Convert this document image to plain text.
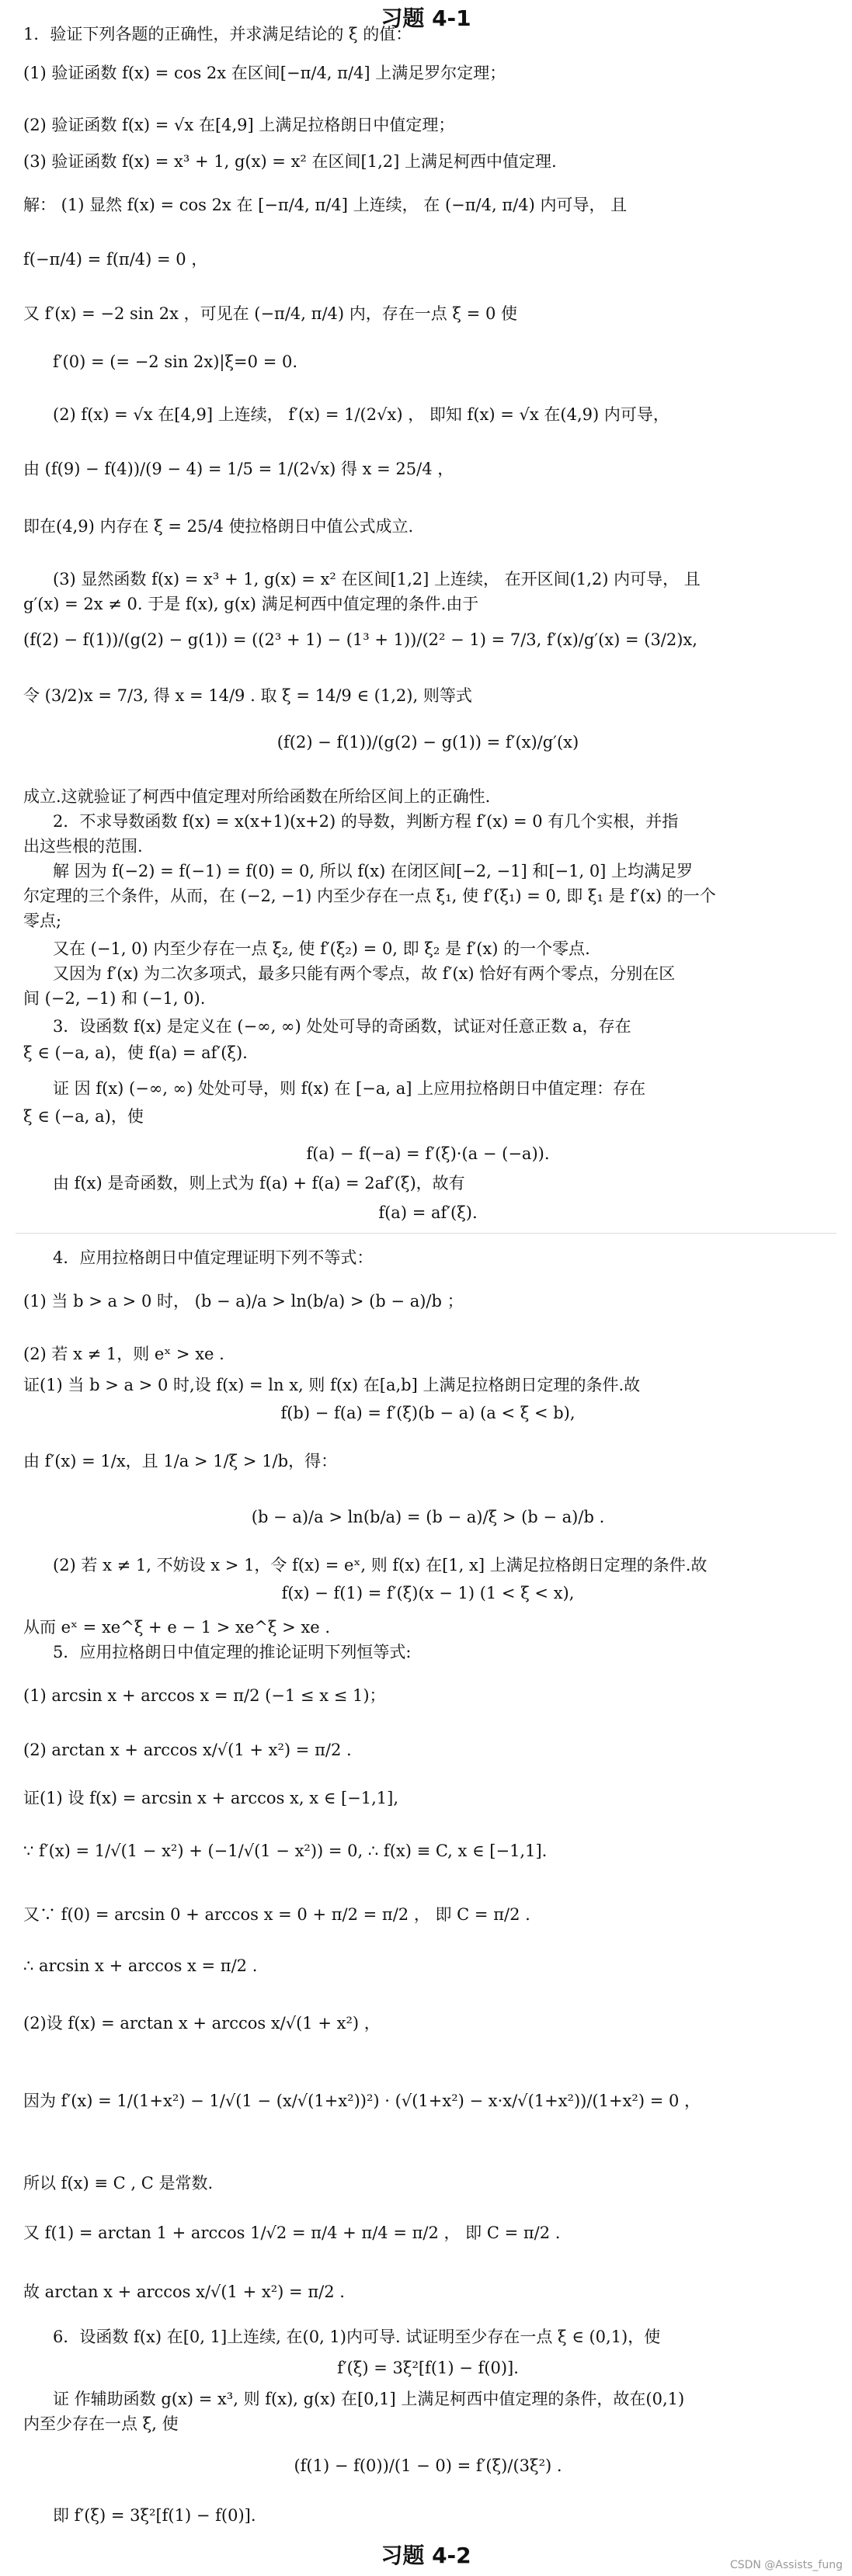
习题 4-1
1．验证下列各题的正确性，并求满足结论的 ξ 的值：
(1) 验证函数 f(x) = cos 2x 在区间[−π/4, π/4] 上满足罗尔定理；
(2) 验证函数 f(x) = √x 在[4,9] 上满足拉格朗日中值定理；
(3) 验证函数 f(x) = x³ + 1, g(x) = x² 在区间[1,2] 上满足柯西中值定理.
解： (1) 显然 f(x) = cos 2x 在 [−π/4, π/4] 上连续， 在 (−π/4, π/4) 内可导， 且
f(−π/4) = f(π/4) = 0 ，
又 f′(x) = −2 sin 2x ，可见在 (−π/4, π/4) 内，存在一点 ξ = 0 使
f′(0) = (= −2 sin 2x)|ξ=0 = 0.
(2) f(x) = √x 在[4,9] 上连续， f′(x) = 1/(2√x) ， 即知 f(x) = √x 在(4,9) 内可导，
由 (f(9) − f(4))/(9 − 4) = 1/5 = 1/(2√x) 得 x = 25/4 ，
即在(4,9) 内存在 ξ = 25/4 使拉格朗日中值公式成立.
(3) 显然函数 f(x) = x³ + 1, g(x) = x² 在区间[1,2] 上连续， 在开区间(1,2) 内可导， 且
g′(x) = 2x ≠ 0. 于是 f(x), g(x) 满足柯西中值定理的条件.由于
(f(2) − f(1))/(g(2) − g(1)) = ((2³ + 1) − (1³ + 1))/(2² − 1) = 7/3, f′(x)/g′(x) = (3/2)x,
令 (3/2)x = 7/3, 得 x = 14/9 . 取 ξ = 14/9 ∈ (1,2), 则等式
(f(2) − f(1))/(g(2) − g(1)) = f′(x)/g′(x)
成立.这就验证了柯西中值定理对所给函数在所给区间上的正确性.
2．不求导数函数 f(x) = x(x+1)(x+2) 的导数，判断方程 f′(x) = 0 有几个实根，并指
出这些根的范围.
解 因为 f(−2) = f(−1) = f(0) = 0, 所以 f(x) 在闭区间[−2, −1] 和[−1, 0] 上均满足罗
尔定理的三个条件，从而，在 (−2, −1) 内至少存在一点 ξ₁, 使 f′(ξ₁) = 0, 即 ξ₁ 是 f′(x) 的一个
零点;
又在 (−1, 0) 内至少存在一点 ξ₂, 使 f′(ξ₂) = 0, 即 ξ₂ 是 f′(x) 的一个零点.
又因为 f′(x) 为二次多项式，最多只能有两个零点，故 f′(x) 恰好有两个零点，分别在区
间 (−2, −1) 和 (−1, 0).
3．设函数 f(x) 是定义在 (−∞, ∞) 处处可导的奇函数，试证对任意正数 a，存在
ξ ∈ (−a, a)，使 f(a) = af′(ξ).
证 因 f(x) (−∞, ∞) 处处可导，则 f(x) 在 [−a, a] 上应用拉格朗日中值定理：存在
ξ ∈ (−a, a)，使
f(a) − f(−a) = f′(ξ)·(a − (−a)).
由 f(x) 是奇函数，则上式为 f(a) + f(a) = 2af′(ξ)，故有
f(a) = af′(ξ).
4．应用拉格朗日中值定理证明下列不等式：
(1) 当 b > a > 0 时， (b − a)/a > ln(b/a) > (b − a)/b ；
(2) 若 x ≠ 1，则 eˣ > xe .
证(1) 当 b > a > 0 时,设 f(x) = ln x, 则 f(x) 在[a,b] 上满足拉格朗日定理的条件.故
f(b) − f(a) = f′(ξ)(b − a) (a < ξ < b),
由 f′(x) = 1/x，且 1/a > 1/ξ > 1/b，得：
(b − a)/a > ln(b/a) = (b − a)/ξ > (b − a)/b .
(2) 若 x ≠ 1, 不妨设 x > 1，令 f(x) = eˣ, 则 f(x) 在[1, x] 上满足拉格朗日定理的条件.故
f(x) − f(1) = f′(ξ)(x − 1) (1 < ξ < x),
从而 eˣ = xe^ξ + e − 1 > xe^ξ > xe .
5．应用拉格朗日中值定理的推论证明下列恒等式:
(1) arcsin x + arccos x = π/2 (−1 ≤ x ≤ 1)；
(2) arctan x + arccos x/√(1 + x²) = π/2 .
证(1) 设 f(x) = arcsin x + arccos x, x ∈ [−1,1],
∵ f′(x) = 1/√(1 − x²) + (−1/√(1 − x²)) = 0, ∴ f(x) ≡ C, x ∈ [−1,1].
又∵ f(0) = arcsin 0 + arccos x = 0 + π/2 = π/2 ， 即 C = π/2 .
∴ arcsin x + arccos x = π/2 .
(2)设 f(x) = arctan x + arccos x/√(1 + x²) ，
因为 f′(x) = 1/(1+x²) − 1/√(1 − (x/√(1+x²))²) · (√(1+x²) − x·x/√(1+x²))/(1+x²) = 0 ，
所以 f(x) ≡ C , C 是常数.
又 f(1) = arctan 1 + arccos 1/√2 = π/4 + π/4 = π/2 ， 即 C = π/2 .
故 arctan x + arccos x/√(1 + x²) = π/2 .
6．设函数 f(x) 在[0, 1]上连续, 在(0, 1)内可导. 试证明至少存在一点 ξ ∈ (0,1)，使
f′(ξ) = 3ξ²[f(1) − f(0)].
证 作辅助函数 g(x) = x³, 则 f(x), g(x) 在[0,1] 上满足柯西中值定理的条件，故在(0,1)
内至少存在一点 ξ, 使
(f(1) − f(0))/(1 − 0) = f′(ξ)/(3ξ²) .
即 f′(ξ) = 3ξ²[f(1) − f(0)].
习题 4-2	CSDN @Assists_fung
